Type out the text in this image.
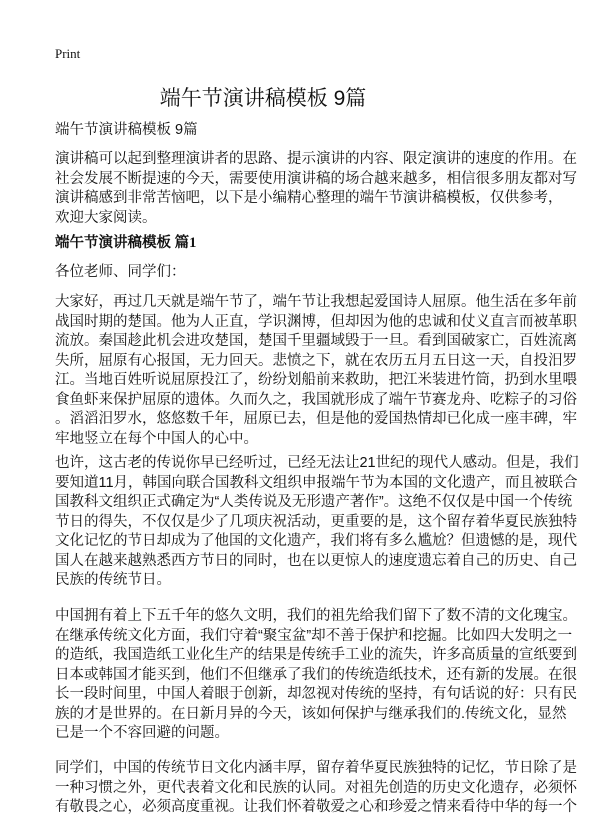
Print
端午节演讲稿模板 9篇
端午节演讲稿模板 9篇
演讲稿可以起到整理演讲者的思路、提示演讲的内容、限定演讲的速度的作用。在
社会发展不断提速的今天，需要使用演讲稿的场合越来越多，相信很多朋友都对写
演讲稿感到非常苦恼吧，以下是小编精心整理的端午节演讲稿模板，仅供参考，
欢迎大家阅读。
端午节演讲稿模板 篇1
各位老师、同学们：
大家好，再过几天就是端午节了，端午节让我想起爱国诗人屈原。他生活在多年前
战国时期的楚国。他为人正直，学识渊博，但却因为他的忠诚和仗义直言而被革职
流放。秦国趁此机会进攻楚国，楚国千里疆域毁于一旦。看到国破家亡，百姓流离
失所，屈原有心报国，无力回天。悲愤之下，就在农历五月五日这一天，自投汨罗
江。当地百姓听说屈原投江了，纷纷划船前来救助，把江米装进竹筒，扔到水里喂
食鱼虾来保护屈原的遗体。久而久之，我国就形成了端午节赛龙舟、吃粽子的习俗
。滔滔汨罗水，悠悠数千年，屈原已去，但是他的爱国热情却已化成一座丰碑，牢
牢地竖立在每个中国人的心中。
也许，这古老的传说你早已经听过，已经无法让21世纪的现代人感动。但是，我们
要知道11月，韩国向联合国教科文组织申报端午节为本国的文化遗产，而且被联合
国教科文组织正式确定为“人类传说及无形遗产著作”。这绝不仅仅是中国一个传统
节日的得失，不仅仅是少了几项庆祝活动，更重要的是，这个留存着华夏民族独特
文化记忆的节日却成为了他国的文化遗产，我们将有多么尴尬？但遗憾的是，现代
国人在越来越熟悉西方节日的同时，也在以更惊人的速度遗忘着自己的历史、自己
民族的传统节日。
中国拥有着上下五千年的悠久文明，我们的祖先给我们留下了数不清的文化瑰宝。
在继承传统文化方面，我们守着“聚宝盆”却不善于保护和挖掘。比如四大发明之一
的造纸，我国造纸工业化生产的结果是传统手工业的流失，许多高质量的宣纸要到
日本或韩国才能买到，他们不但继承了我们的传统造纸技术，还有新的发展。在很
长一段时间里，中国人着眼于创新，却忽视对传统的坚持，有句话说的好：只有民
族的才是世界的。在日新月异的今天，该如何保护与继承我们的.传统文化，显然
已是一个不容回避的问题。
同学们，中国的传统节日文化内涵丰厚，留存着华夏民族独特的记忆，节日除了是
一种习惯之外，更代表着文化和民族的认同。对祖先创造的历史文化遗存，必须怀
有敬畏之心，必须高度重视。让我们怀着敬爱之心和珍爱之情来看待中华的每一个
